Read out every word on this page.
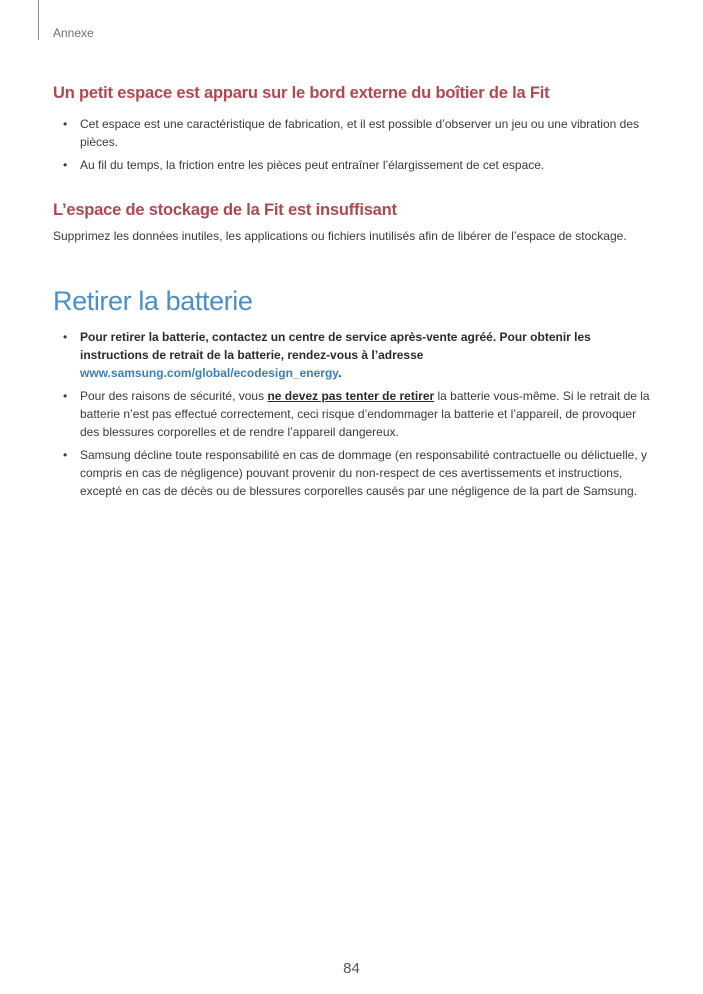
Annexe
Un petit espace est apparu sur le bord externe du boîtier de la Fit
• Cet espace est une caractéristique de fabrication, et il est possible d’observer un jeu ou une vibration des pièces.
• Au fil du temps, la friction entre les pièces peut entraîner l’élargissement de cet espace.
L’espace de stockage de la Fit est insuffisant

Supprimez les données inutiles, les applications ou fichiers inutilisés afin de libérer de l’espace de stockage.

Retirer la batterie
• Pour retirer la batterie, contactez un centre de service après-vente agréé. Pour obtenir les instructions de retrait de la batterie, rendez-vous à l’adresse www.samsung.com/global/ecodesign_energy.
• Pour des raisons de sécurité, vous ne devez pas tenter de retirer la batterie vous-même. Si le retrait de la batterie n’est pas effectué correctement, ceci risque d’endommager la batterie et l’appareil, de provoquer des blessures corporelles et de rendre l’appareil dangereux.
• Samsung décline toute responsabilité en cas de dommage (en responsabilité contractuelle ou délictuelle, y compris en cas de négligence) pouvant provenir du non-respect de ces avertissements et instructions, excepté en cas de décès ou de blessures corporelles causés par une négligence de la part de Samsung.
84
